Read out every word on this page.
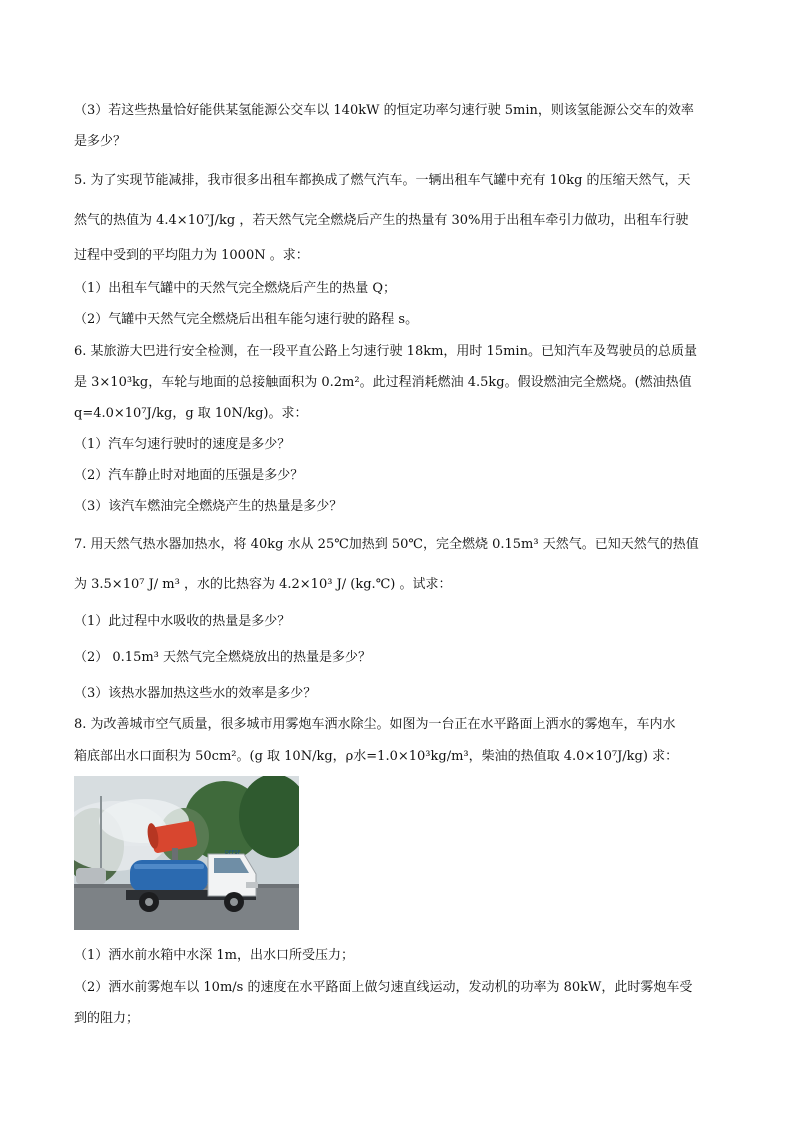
（3）若这些热量恰好能供某氢能源公交车以 140kW 的恒定功率匀速行驶 5min，则该氢能源公交车的效率
是多少？
5. 为了实现节能减排，我市很多出租车都换成了燃气汽车。一辆出租车气罐中充有 10kg 的压缩天然气，天
然气的热值为 4.4×10⁷J/kg ，若天然气完全燃烧后产生的热量有 30%用于出租车牵引力做功，出租车行驶
过程中受到的平均阻力为 1000N 。求：
（1）出租车气罐中的天然气完全燃烧后产生的热量 Q；
（2）气罐中天然气完全燃烧后出租车能匀速行驶的路程 s。
6. 某旅游大巴进行安全检测，在一段平直公路上匀速行驶 18km，用时 15min。已知汽车及驾驶员的总质量
是 3×10³kg，车轮与地面的总接触面积为 0.2m²。此过程消耗燃油 4.5kg。假设燃油完全燃烧。(燃油热值
q=4.0×10⁷J/kg，g 取 10N/kg)。求：
（1）汽车匀速行驶时的速度是多少？
（2）汽车静止时对地面的压强是多少？
（3）该汽车燃油完全燃烧产生的热量是多少？
7. 用天然气热水器加热水，将 40kg 水从 25℃加热到 50℃，完全燃烧 0.15m³ 天然气。已知天然气的热值
为 3.5×10⁷ J/ m³ ，水的比热容为 4.2×10³ J/ (kg.℃) 。试求：
（1）此过程中水吸收的热量是多少？
（2） 0.15m³ 天然气完全燃烧放出的热量是多少？
（3）该热水器加热这些水的效率是多少？
8. 为改善城市空气质量，很多城市用雾炮车洒水除尘。如图为一台正在水平路面上洒水的雾炮车，车内水
箱底部出水口面积为 50cm²。(g 取 10N/kg，ρ水=1.0×10³kg/m³，柴油的热值取 4.0×10⁷J/kg) 求：
DFFSF
（1）洒水前水箱中水深 1m，出水口所受压力；
（2）洒水前雾炮车以 10m/s 的速度在水平路面上做匀速直线运动，发动机的功率为 80kW，此时雾炮车受
到的阻力；
